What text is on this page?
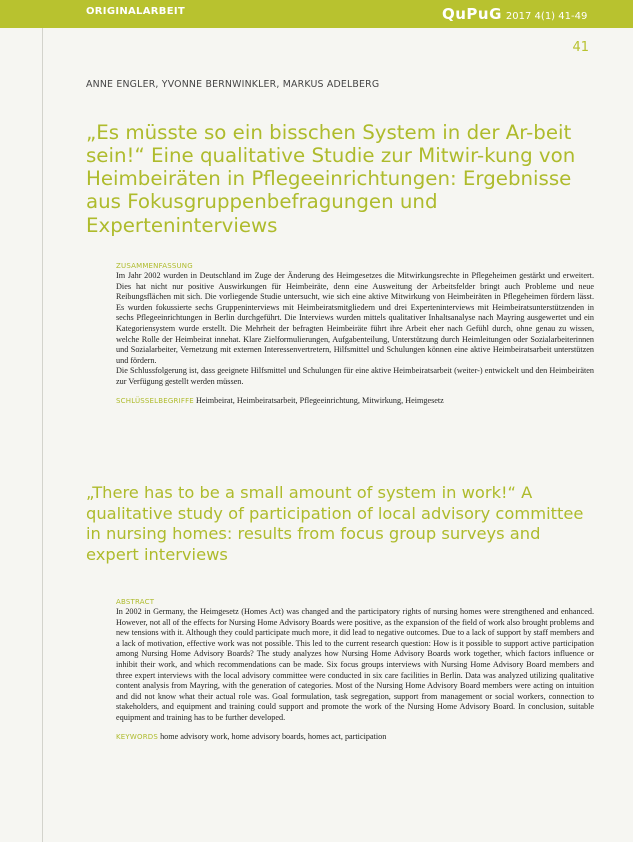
ORIGINALARBEIT	QuPuG 2017 4(1) 41-49
41
ANNE ENGLER, YVONNE BERNWINKLER, MARKUS ADELBERG
„Es müsste so ein bisschen System in der Ar-beit sein!“ Eine qualitative Studie zur Mitwir-kung von Heimbeiräten in Pflegeeinrichtungen: Ergebnisse aus Fokusgruppenbefragungen und Experteninterviews
ZUSAMMENFASSUNG

Im Jahr 2002 wurden in Deutschland im Zuge der Änderung des Heimgesetzes die Mitwirkungsrechte in Pflegeheimen gestärkt und erweitert. Dies hat nicht nur positive Auswirkungen für Heimbeiräte, denn eine Ausweitung der Arbeitsfelder bringt auch Probleme und neue Reibungsflächen mit sich. Die vorliegende Studie untersucht, wie sich eine aktive Mitwirkung von Heimbeiräten in Pflegeheimen fördern lässt. Es wurden fokussierte sechs Gruppeninterviews mit Heimbeiratsmitgliedern und drei Experteninterviews mit Heimbeiratsunterstützenden in sechs Pflegeeinrichtungen in Berlin durchgeführt. Die Interviews wurden mittels qualitativer Inhaltsanalyse nach Mayring ausgewertet und ein Kategoriensystem wurde erstellt. Die Mehrheit der befragten Heimbeiräte führt ihre Arbeit eher nach Gefühl durch, ohne genau zu wissen, welche Rolle der Heimbeirat innehat. Klare Zielformulierungen, Aufgabenteilung, Unterstützung durch Heimleitungen oder Sozialarbeiterinnen und Sozialarbeiter, Vernetzung mit externen Interessenvertretern, Hilfsmittel und Schulungen können eine aktive Heimbeiratsarbeit unterstützen und fördern.

Die Schlussfolgerung ist, dass geeignete Hilfsmittel und Schulungen für eine aktive Heimbeiratsarbeit (weiter-) entwickelt und den Heimbeiräten zur Verfügung gestellt werden müssen.

SCHLÜSSELBEGRIFFE Heimbeirat, Heimbeiratsarbeit, Pflegeeinrichtung, Mitwirkung, Heimgesetz
„There has to be a small amount of system in work!“ A qualitative study of participation of local advisory committee in nursing homes: results from focus group surveys and expert interviews
ABSTRACT

In 2002 in Germany, the Heimgesetz (Homes Act) was changed and the participatory rights of nursing homes were strengthened and enhanced. However, not all of the effects for Nursing Home Advisory Boards were positive, as the expansion of the field of work also brought problems and new tensions with it. Although they could participate much more, it did lead to negative outcomes. Due to a lack of support by staff members and a lack of motivation, effective work was not possible. This led to the current research question: How is it possible to support active participation among Nursing Home Advisory Boards? The study analyzes how Nursing Home Advisory Boards work together, which factors influence or inhibit their work, and which recommendations can be made. Six focus groups interviews with Nursing Home Advisory Board members and three expert interviews with the local advisory committee were conducted in six care facilities in Berlin. Data was analyzed utilizing qualitative content analysis from Mayring, with the generation of categories. Most of the Nursing Home Advisory Board members were acting on intuition and did not know what their actual role was. Goal formulation, task segregation, support from management or social workers, connection to stakeholders, and equipment and training could support and promote the work of the Nursing Home Advisory Board. In conclusion, suitable equipment and training has to be further developed.

KEYWORDS home advisory work, home advisory boards, homes act, participation
